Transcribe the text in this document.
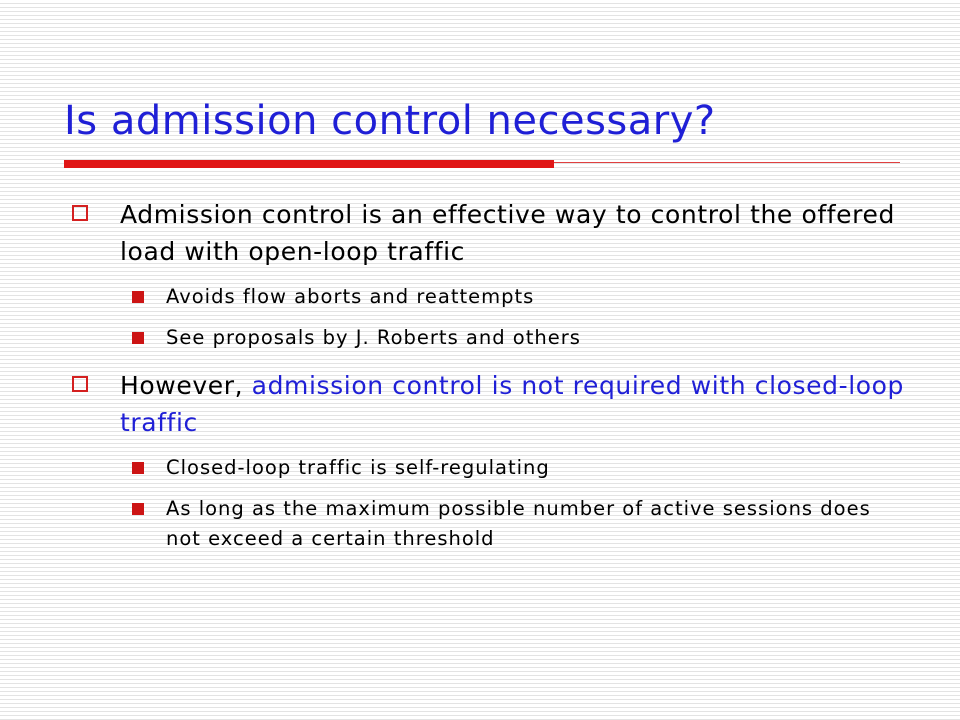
Is admission control necessary?
Admission control is an effective way to control the offered load with open-loop traffic
Avoids flow aborts and reattempts
See proposals by J. Roberts and others
However, admission control is not required with closed-loop traffic
Closed-loop traffic is self-regulating
As long as the maximum possible number of active sessions does not exceed a certain threshold
